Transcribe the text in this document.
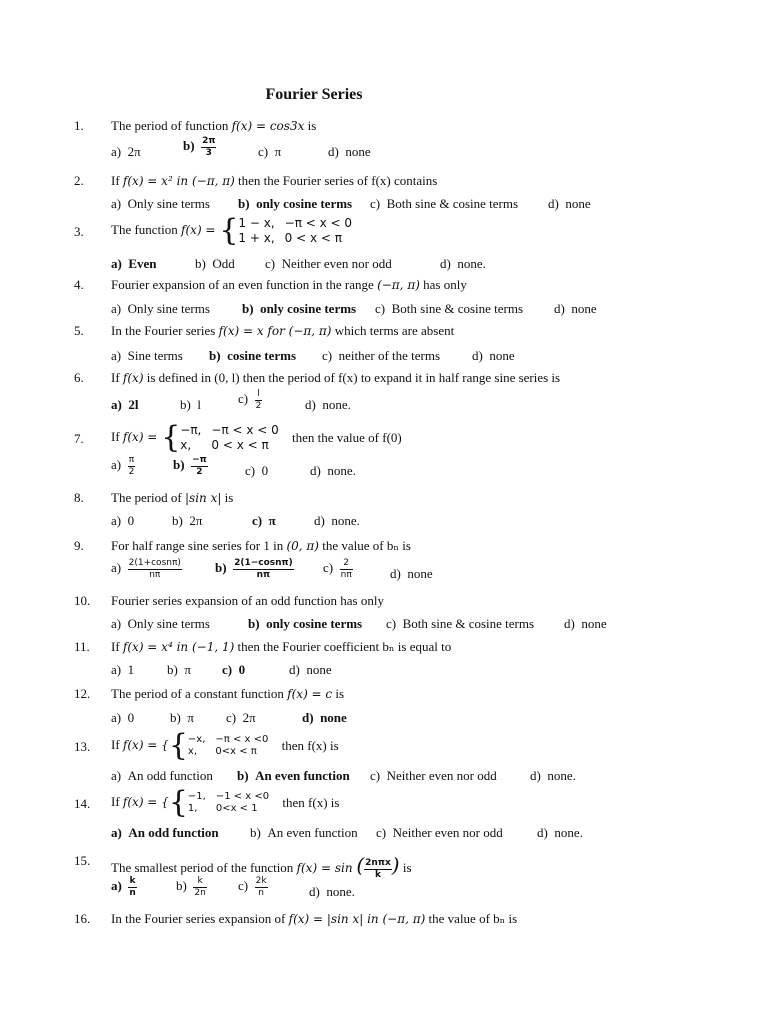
Fourier Series
1.	The period of function f(x) = cos3x is
a)  2π	$b) \frac{2\pi}{3}$	c)  π	d)  none
2.	If f(x) = x² in (−π, π) then the Fourier series of f(x) contains
a)  Only sine terms b)  only cosine terms c)  Both sine & cosine terms d)  none
3.	The function f(x) = { 1 − x,	−π < x < 0
1 + x,	0 < x < π
a)  Even	b)  Odd c)  Neither even nor odd	d)  none.
4.	Fourier expansion of an even function in the range (−π, π) has only
a)  Only sine terms b)  only cosine terms c)  Both sine & cosine terms d)  none
5.	In the Fourier series f(x) = x for (−π, π) which terms are absent
a)  Sine terms b)  cosine terms c)  neither of the terms d)  none
6.	If f(x) is defined in (0, l) then the period of f(x) to expand it in half range sine series is
a)  2l	b)  l	$c) \frac{l}{2}$	d)  none.
7.	If f(x) = { −π,	−π < x < 0
x,	0 < x < π then the value of f(0)
$a) \frac{\pi}{2}$	$b) \frac{-\pi}{2}$	c)  0	d)  none.
8.	The period of |sin x| is
a)  0	b)  2π	c)  π	d)  none.
9.	For half range sine series for 1 in (0, π) the value of bₙ is
$a) \frac{2(1+\cos n\pi)}{n\pi}$	$b) \frac{2(1-\cos n\pi)}{n\pi} c) \frac{2}{n\pi}$	d)  none
10.	Fourier series expansion of an odd function has only
a)  Only sine terms	b)  only cosine terms c)  Both sine & cosine terms d)  none
11.	If f(x) = x⁴ in (−1, 1) then the Fourier coefficient bₙ is equal to
a)  1	b)  π c)  0	d)  none
12.	The period of a constant function f(x) = c is
a)  0	b)  π c)  2π	d)  none
13.	If f(x) = {{ −x,	−π < x <0
x,	0<x < π then f(x) is
a)  An odd function b)  An even function c)  Neither even nor odd	d)  none.
14.	If f(x) = {{ −1,	−1 < x <0
1,	0<x < 1 then f(x) is
a)  An odd function b)  An even function c)  Neither even nor odd	d)  none.
15.	The smallest period of the function f(x) = sin ( $\frac{\text{2nπx}}{k}$ ) is
$a) \frac{k}{n}$	$b) \frac{k}{2n} c) \frac{2k}{n}$	d)  none.
16.	In the Fourier series expansion of f(x) = |sin x| in (−π, π) the value of bₙ is
